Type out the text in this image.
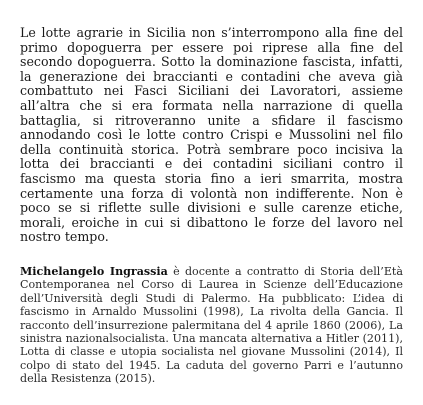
Le lotte agrarie in Sicilia non s’interrompono alla fine del primo dopoguerra per essere poi riprese alla fine del secondo dopoguerra. Sotto la dominazione fascista, infatti, la generazione dei braccianti e contadini che aveva già combattuto nei Fasci Siciliani dei Lavoratori, assieme all’altra che si era formata nella narrazione di quella battaglia, si ritroveranno unite a sfidare il fascismo annodando così le lotte contro Crispi e Mussolini nel filo della continuità storica. Potrà sembrare poco incisiva la lotta dei braccianti e dei contadini siciliani contro il fascismo ma questa storia fino a ieri smarrita, mostra certamente una forza di volontà non indifferente. Non è poco se si riflette sulle divisioni e sulle carenze etiche, morali, eroiche in cui si dibattono le forze del lavoro nel nostro tempo.

Michelangelo Ingrassia è docente a contratto di Storia dell’Età Contemporanea nel Corso di Laurea in Scienze dell’Educazione dell’Università degli Studi di Palermo. Ha pubblicato: L’idea di fascismo in Arnaldo Mussolini (1998), La rivolta della Gancia. Il racconto dell’insurrezione palermitana del 4 aprile 1860 (2006), La sinistra nazionalsocialista. Una mancata alternativa a Hitler (2011), Lotta di classe e utopia socialista nel giovane Mussolini (2014), Il colpo di stato del 1945. La caduta del governo Parri e l’autunno della Resistenza (2015).
